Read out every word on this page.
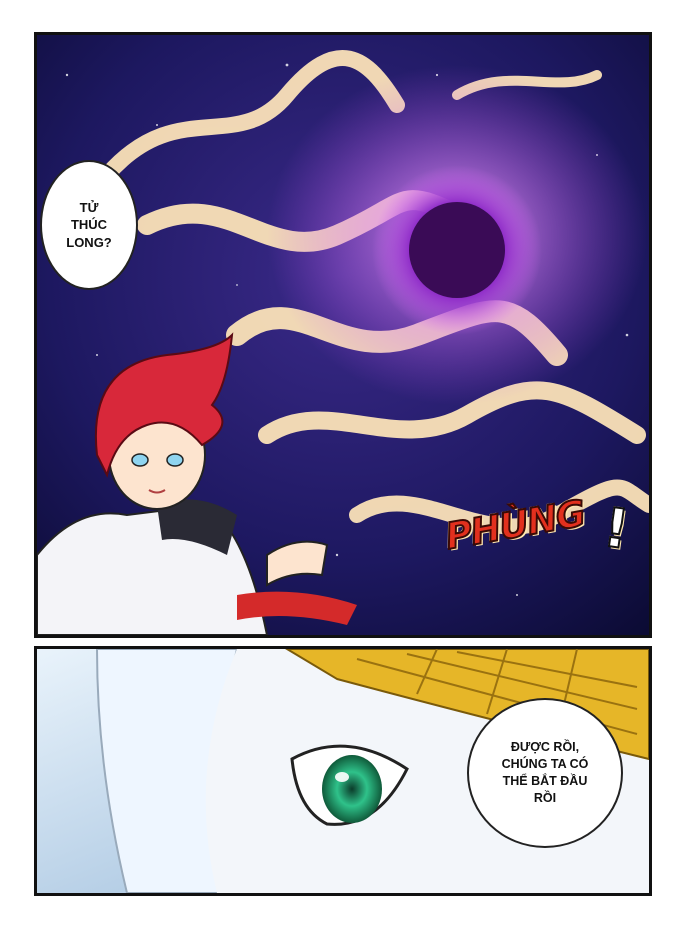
PHÙNG !
TỬ
THÚC
LONG?
ĐƯỢC RỒI,
CHÚNG TA CÓ
THỂ BẮT ĐẦU
RỒI
